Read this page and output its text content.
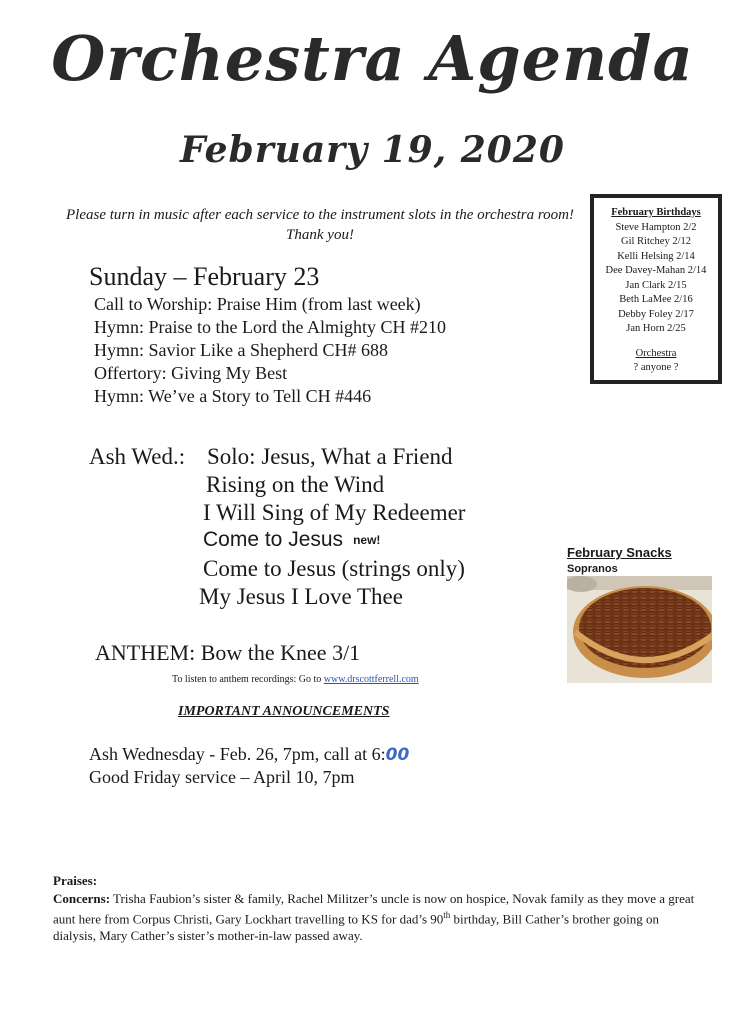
Orchestra Agenda
February 19, 2020
Please turn in music after each service to the instrument slots in the orchestra room! Thank you!
Sunday – February 23
Call to Worship: Praise Him (from last week)
Hymn: Praise to the Lord the Almighty CH #210
Hymn: Savior Like a Shepherd CH# 688
Offertory: Giving My Best
Hymn: We’ve a Story to Tell CH #446
Ash Wed.: Solo: Jesus, What a Friend
Rising on the Wind
I Will Sing of My Redeemer
Come to Jesus new!
Come to Jesus (strings only)
My Jesus I Love Thee
ANTHEM: Bow the Knee 3/1
To listen to anthem recordings: Go to www.drscottferrell.com
IMPORTANT ANNOUNCEMENTS
Ash Wednesday - Feb. 26, 7pm, call at 6:00
Good Friday service – April 10, 7pm
February Birthdays
Steve Hampton 2/2
Gil Ritchey 2/12
Kelli Helsing 2/14
Dee Davey-Mahan 2/14
Jan Clark 2/15
Beth LaMee 2/16
Debby Foley 2/17
Jan Horn 2/25
Orchestra
? anyone ?
February Snacks
Sopranos
Praises:
Concerns: Trisha Faubion’s sister & family, Rachel Militzer’s uncle is now on hospice, Novak family as they move a great aunt here from Corpus Christi, Gary Lockhart travelling to KS for dad’s 90th birthday, Bill Cather’s brother going on dialysis, Mary Cather’s sister’s mother-in-law passed away.
